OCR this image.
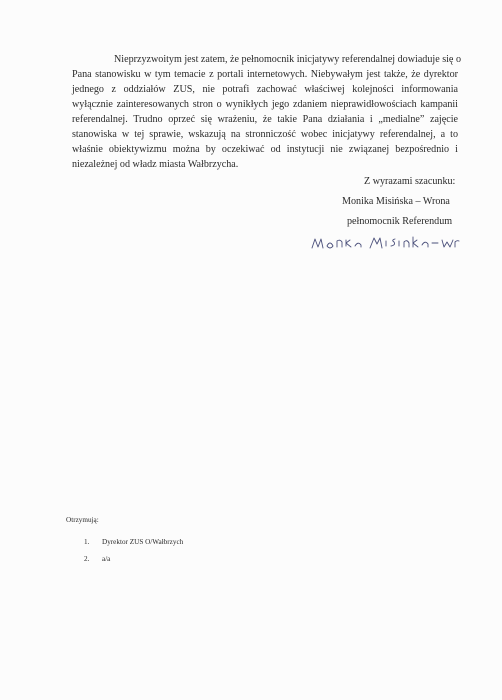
Nieprzyzwoitym jest zatem, że pełnomocnik inicjatywy referendalnej dowiaduje się o
Pana stanowisku w tym temacie z portali internetowych. Niebywałym jest także, że dyrektor
jednego z oddziałów ZUS, nie potrafi zachować właściwej kolejności informowania
wyłącznie zainteresowanych stron o wynikłych jego zdaniem nieprawidłowościach kampanii
referendalnej. Trudno oprzeć się wrażeniu, że takie Pana działania i „medialne” zajęcie
stanowiska w tej sprawie, wskazują na stronniczość wobec inicjatywy referendalnej, a to
właśnie obiektywizmu można by oczekiwać od instytucji nie związanej bezpośrednio i
niezależnej od władz miasta Wałbrzycha.
Z wyrazami szacunku:
Monika Misińska – Wrona
pełnomocnik Referendum
Otrzymują:
1. Dyrektor ZUS O/Wałbrzych
2. a/a
